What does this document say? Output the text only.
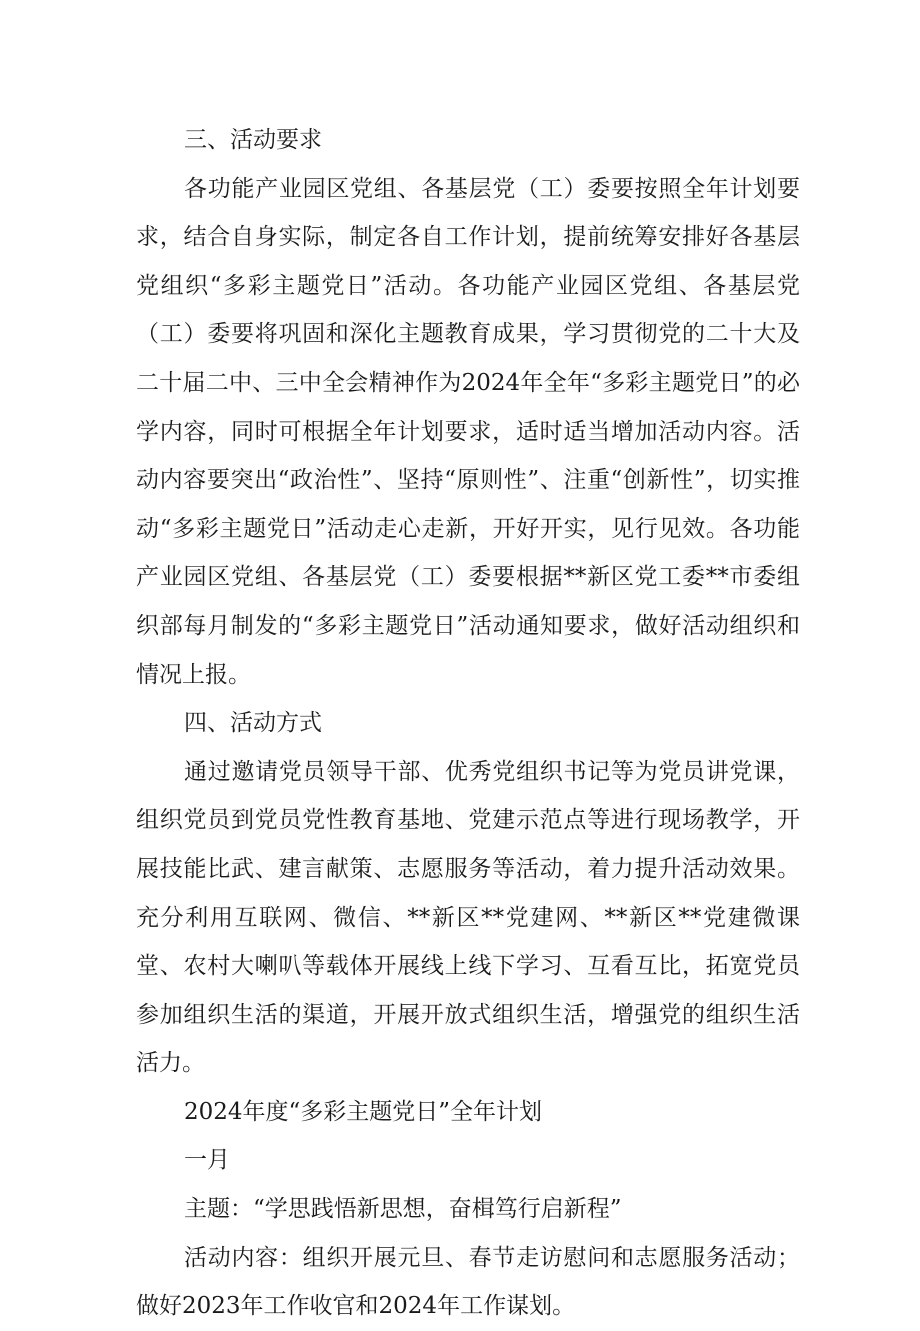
三、活动要求

各功能产业园区党组、各基层党（工）委要按照全年计划要求，结合自身实际，制定各自工作计划，提前统筹安排好各基层党组织“多彩主题党日”活动。各功能产业园区党组、各基层党（工）委要将巩固和深化主题教育成果，学习贯彻党的二十大及二十届二中、三中全会精神作为2024年全年“多彩主题党日”的必学内容，同时可根据全年计划要求，适时适当增加活动内容。活动内容要突出“政治性”、坚持“原则性”、注重“创新性”，切实推动“多彩主题党日”活动走心走新，开好开实，见行见效。各功能产业园区党组、各基层党（工）委要根据**新区党工委**市委组织部每月制发的“多彩主题党日”活动通知要求，做好活动组织和情况上报。

四、活动方式

通过邀请党员领导干部、优秀党组织书记等为党员讲党课，组织党员到党员党性教育基地、党建示范点等进行现场教学，开展技能比武、建言献策、志愿服务等活动，着力提升活动效果。充分利用互联网、微信、**新区**党建网、**新区**党建微课堂、农村大喇叭等载体开展线上线下学习、互看互比，拓宽党员参加组织生活的渠道，开展开放式组织生活，增强党的组织生活活力。

2024年度“多彩主题党日”全年计划

一月

主题：“学思践悟新思想，奋楫笃行启新程”

活动内容：组织开展元旦、春节走访慰问和志愿服务活动；做好2023年工作收官和2024年工作谋划。
